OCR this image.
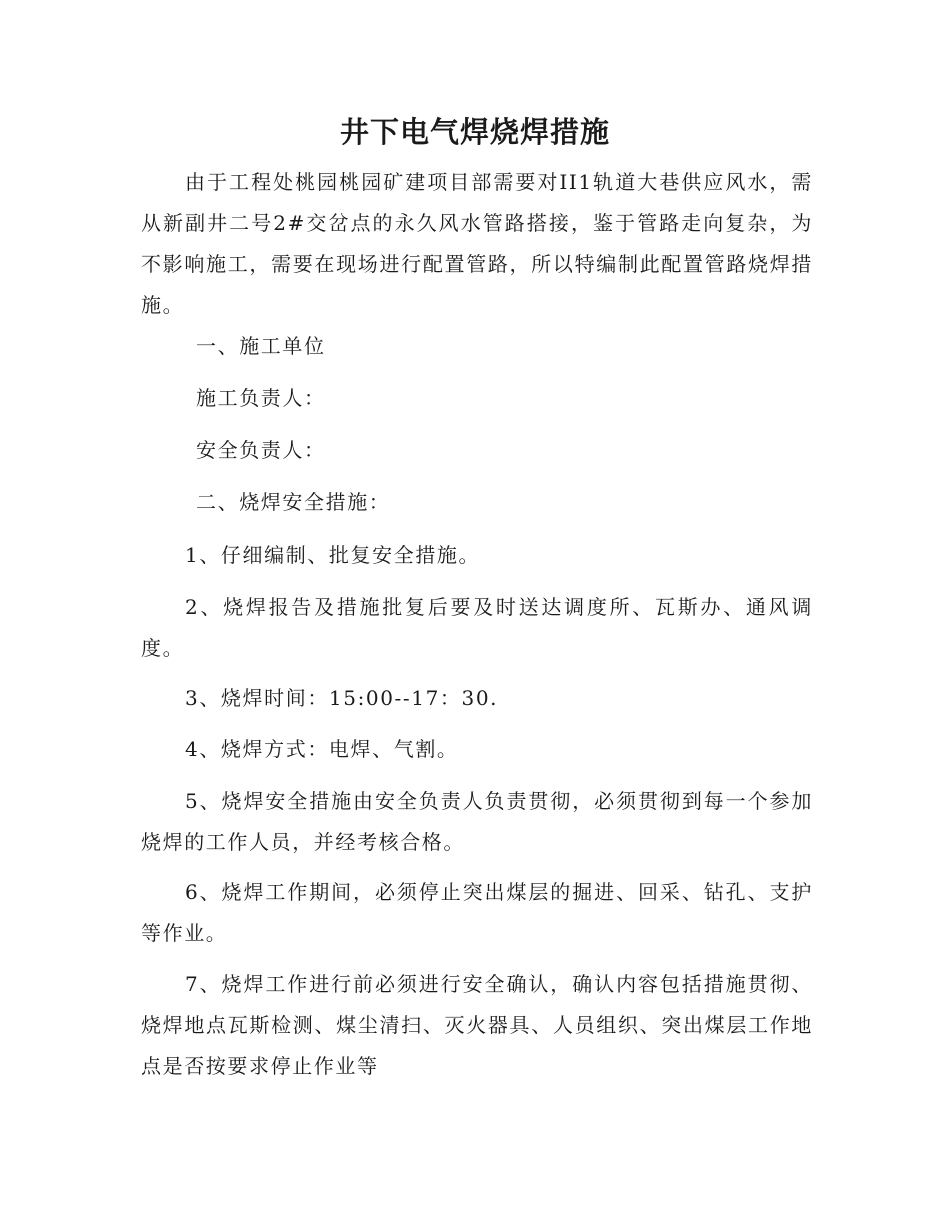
井下电气焊烧焊措施

由于工程处桃园桃园矿建项目部需要对II1轨道大巷供应风水，需从新副井二号2#交岔点的永久风水管路搭接，鉴于管路走向复杂，为不影响施工，需要在现场进行配置管路，所以特编制此配置管路烧焊措施。

一、施工单位

施工负责人：

安全负责人：

二、烧焊安全措施：

1、仔细编制、批复安全措施。

2、烧焊报告及措施批复后要及时送达调度所、瓦斯办、通风调度。

3、烧焊时间：15:00--17：30.

4、烧焊方式：电焊、气割。

5、烧焊安全措施由安全负责人负责贯彻，必须贯彻到每一个参加烧焊的工作人员，并经考核合格。

6、烧焊工作期间，必须停止突出煤层的掘进、回采、钻孔、支护等作业。

7、烧焊工作进行前必须进行安全确认，确认内容包括措施贯彻、烧焊地点瓦斯检测、煤尘清扫、灭火器具、人员组织、突出煤层工作地点是否按要求停止作业等
